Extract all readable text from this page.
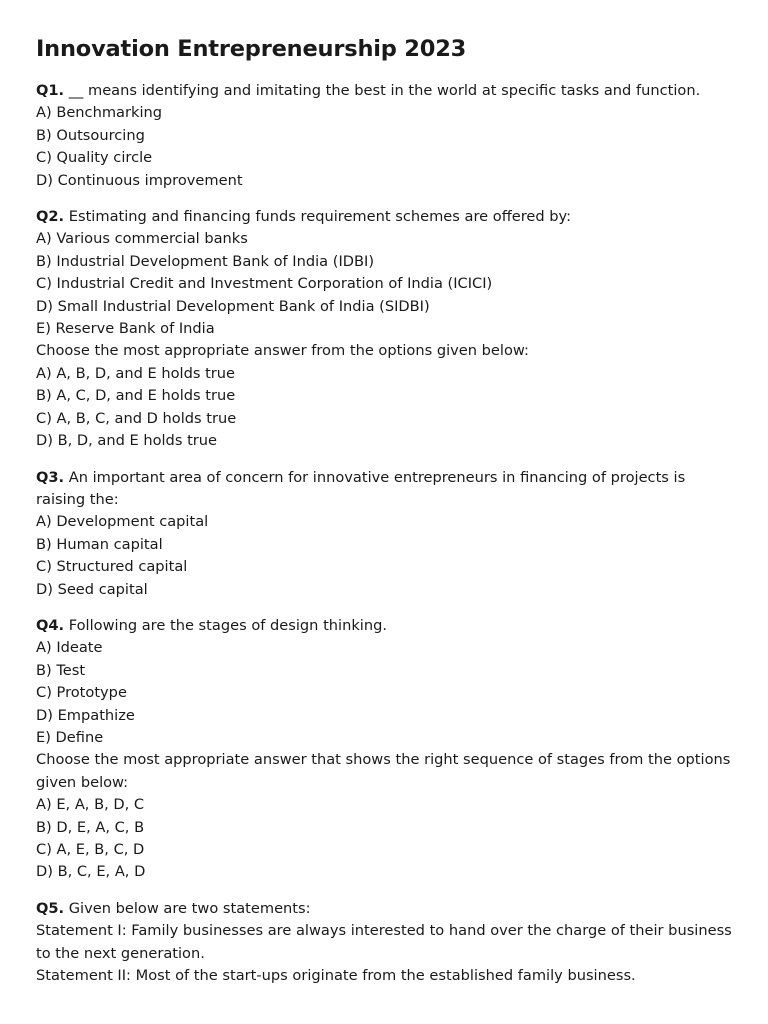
Innovation Entrepreneurship 2023

Q1. __ means identifying and imitating the best in the world at specific tasks and function.

A) Benchmarking
B) Outsourcing
C) Quality circle
D) Continuous improvement

Q2. Estimating and financing funds requirement schemes are offered by:

A) Various commercial banks
B) Industrial Development Bank of India (IDBI)
C) Industrial Credit and Investment Corporation of India (ICICI)
D) Small Industrial Development Bank of India (SIDBI)
E) Reserve Bank of India
Choose the most appropriate answer from the options given below:
A) A, B, D, and E holds true
B) A, C, D, and E holds true
C) A, B, C, and D holds true
D) B, D, and E holds true

Q3. An important area of concern for innovative entrepreneurs in financing of projects is raising the:

A) Development capital
B) Human capital
C) Structured capital
D) Seed capital

Q4. Following are the stages of design thinking.

A) Ideate
B) Test
C) Prototype
D) Empathize
E) Define
Choose the most appropriate answer that shows the right sequence of stages from the options given below:
A) E, A, B, D, C
B) D, E, A, C, B
C) A, E, B, C, D
D) B, C, E, A, D

Q5. Given below are two statements:

Statement I: Family businesses are always interested to hand over the charge of their business to the next generation.
Statement II: Most of the start-ups originate from the established family business.
